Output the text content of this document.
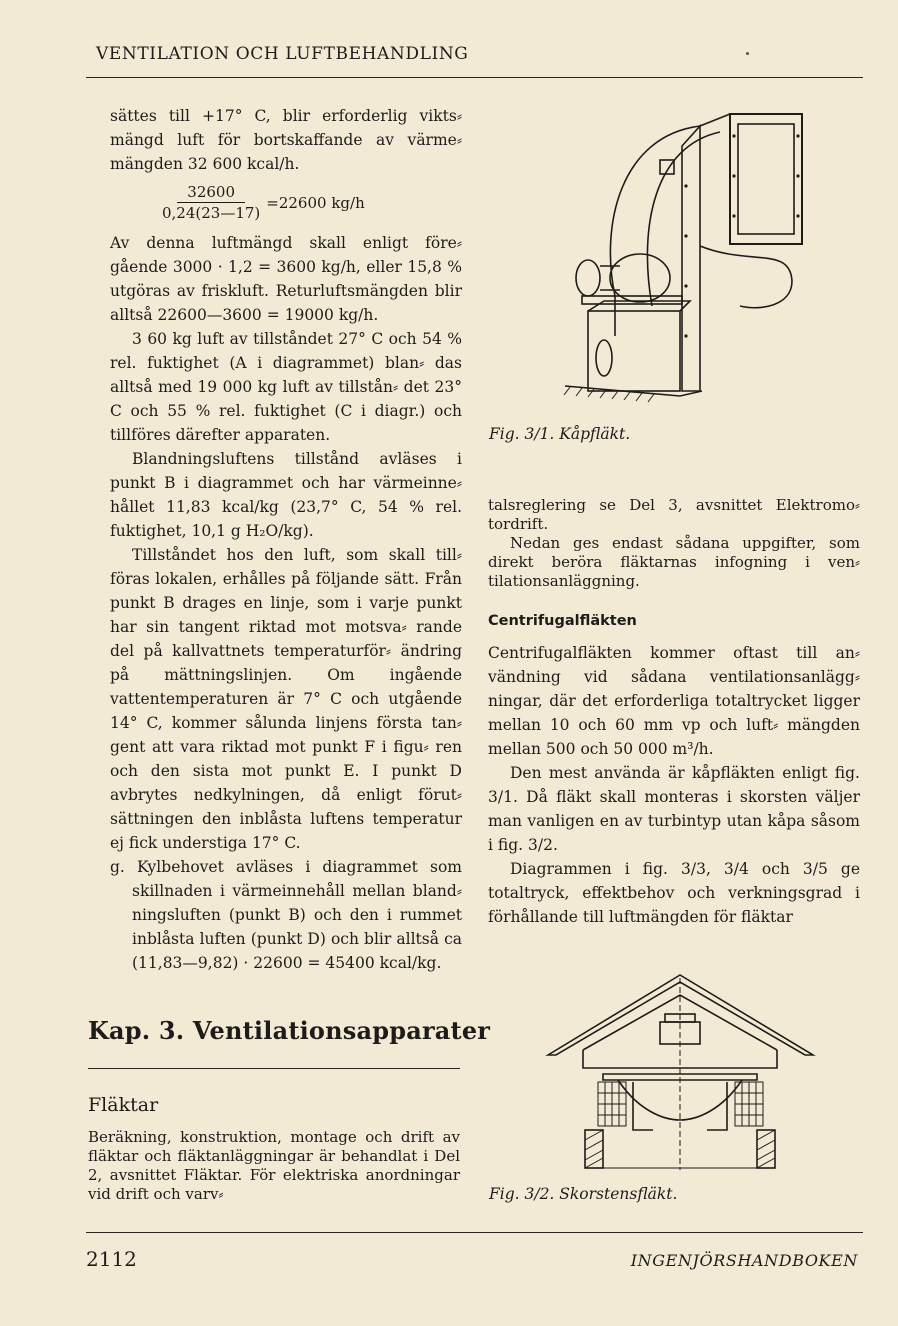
VENTILATION OCH LUFTBEHANDLING

sättes till +17° C, blir erforderlig vikts⸗ mängd luft för bortskaffande av värme⸗ mängden 32 600 kcal/h.

$\frac{32600}{0,24(23—17)} =22600$ kg/h

Av denna luftmängd skall enligt före⸗ gående 3000 · 1,2 = 3600 kg/h, eller 15,8 % utgöras av friskluft. Returluftsmängden blir alltså 22600—3600 = 19000 kg/h.

3 60 kg luft av tillståndet 27° C och 54 % rel. fuktighet (A i diagrammet) blan⸗ das alltså med 19 000 kg luft av tillstån⸗ det 23° C och 55 % rel. fuktighet (C i diagr.) och tillföres därefter apparaten.

Blandningsluftens tillstånd avläses i punkt B i diagrammet och har värmeinne⸗ hållet 11,83 kcal/kg (23,7° C, 54 % rel. fuktighet, 10,1 g H₂O/kg).

Tillståndet hos den luft, som skall till⸗ föras lokalen, erhålles på följande sätt. Från punkt B drages en linje, som i varje punkt har sin tangent riktad mot motsva⸗ rande del på kallvattnets temperaturför⸗ ändring på mättningslinjen. Om ingående vattentemperaturen är 7° C och utgående 14° C, kommer sålunda linjens första tan⸗ gent att vara riktad mot punkt F i figu⸗ ren och den sista mot punkt E. I punkt D avbrytes nedkylningen, då enligt förut⸗ sättningen den inblåsta luftens temperatur ej fick understiga 17° C.

g. Kylbehovet avläses i diagrammet som skillnaden i värmeinnehåll mellan bland⸗ ningsluften (punkt B) och den i rummet inblåsta luften (punkt D) och blir alltså ca (11,83—9,82) · 22600 = 45400 kcal/kg.

Kap. 3. Ventilationsapparater
Fläktar

Beräkning, konstruktion, montage och drift av fläktar och fläktanläggningar är behandlat i Del 2, avsnittet Fläktar. För elektriska anordningar vid drift och varv⸗

Fig. 3/1. Kåpfläkt.

talsreglering se Del 3, avsnittet Elektromo⸗ tordrift.

Nedan ges endast sådana uppgifter, som direkt beröra fläktarnas infogning i ven⸗ tilationsanläggning.

Centrifugalfläkten

Centrifugalfläkten kommer oftast till an⸗ vändning vid sådana ventilationsanlägg⸗ ningar, där det erforderliga totaltrycket ligger mellan 10 och 60 mm vp och luft⸗ mängden mellan 500 och 50 000 m³/h.

Den mest använda är kåpfläkten enligt fig. 3/1. Då fläkt skall monteras i skorsten väljer man vanligen en av turbintyp utan kåpa såsom i fig. 3/2.

Diagrammen i fig. 3/3, 3/4 och 3/5 ge totaltryck, effektbehov och verkningsgrad i förhållande till luftmängden för fläktar

Fig. 3/2. Skorstensfläkt.
2112	INGENJÖRSHANDBOKEN
